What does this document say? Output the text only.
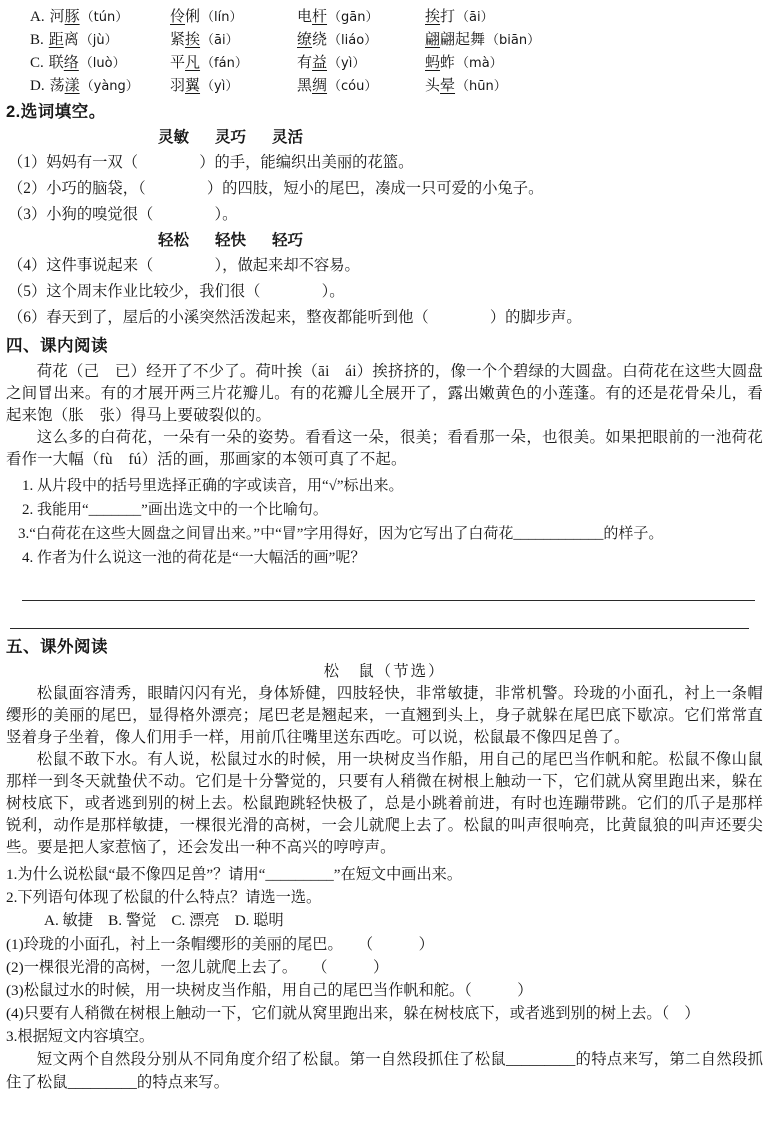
A. 河豚（tún）	伶俐（lín）	电杆（gān）	挨打（āi）
B. 距离（jù）	紧挨（āi）	缭绕（liáo）	翩翩起舞（biān）
C. 联络（luò）	平凡（fán）	有益（yì）	蚂蚱（mà）
D. 荡漾（yàng）	羽翼（yì）	黑绸（cóu）	头晕（hūn）
2.选词填空。
灵敏 灵巧 灵活
（1）妈妈有一双（　　　　）的手，能编织出美丽的花篮。
（2）小巧的脑袋，（　　　　）的四肢，短小的尾巴，凑成一只可爱的小兔子。
（3）小狗的嗅觉很（　　　　）。
轻松 轻快 轻巧
（4）这件事说起来（　　　　），做起来却不容易。
（5）这个周末作业比较少，我们很（　　　　）。
（6）春天到了，屋后的小溪突然活泼起来，整夜都能听到他（　　　　）的脚步声。
四、课内阅读
荷花（己　已）经开了不少了。荷叶挨（āi　ái）挨挤挤的，像一个个碧绿的大圆盘。白荷花在这些大圆盘之间冒出来。有的才展开两三片花瓣儿。有的花瓣儿全展开了，露出嫩黄色的小莲蓬。有的还是花骨朵儿，看起来饱（胀　张）得马上要破裂似的。
这么多的白荷花，一朵有一朵的姿势。看看这一朵，很美；看看那一朵，也很美。如果把眼前的一池荷花看作一大幅（fù　fú）活的画，那画家的本领可真了不起。
1. 从片段中的括号里选择正确的字或读音，用“√”标出来。
2. 我能用“_______”画出选文中的一个比喻句。
3.“白荷花在这些大圆盘之间冒出来。”中“冒”字用得好，因为它写出了白荷花____________的样子。
4. 作者为什么说这一池的荷花是“一大幅活的画”呢？
五、课外阅读
松　鼠（节选）
松鼠面容清秀，眼睛闪闪有光，身体矫健，四肢轻快，非常敏捷，非常机警。玲珑的小面孔，衬上一条帽缨形的美丽的尾巴，显得格外漂亮；尾巴老是翘起来，一直翘到头上，身子就躲在尾巴底下歇凉。它们常常直竖着身子坐着，像人们用手一样，用前爪往嘴里送东西吃。可以说，松鼠最不像四足兽了。
松鼠不敢下水。有人说，松鼠过水的时候，用一块树皮当作船，用自己的尾巴当作帆和舵。松鼠不像山鼠那样一到冬天就蛰伏不动。它们是十分警觉的，只要有人稍微在树根上触动一下，它们就从窝里跑出来，躲在树枝底下，或者逃到别的树上去。松鼠跑跳轻快极了，总是小跳着前进，有时也连蹦带跳。它们的爪子是那样锐利，动作是那样敏捷，一棵很光滑的高树，一会儿就爬上去了。松鼠的叫声很响亮，比黄鼠狼的叫声还要尖些。要是把人家惹恼了，还会发出一种不高兴的哼哼声。
1.为什么说松鼠“最不像四足兽”？请用“_________”在短文中画出来。
2.下列语句体现了松鼠的什么特点？请选一选。
A. 敏捷　B. 警觉　C. 漂亮　D. 聪明
(1)玲珑的小面孔，衬上一条帽缨形的美丽的尾巴。　　（　　　）
(2)一棵很光滑的高树，一忽儿就爬上去了。　　（　　　）
(3)松鼠过水的时候，用一块树皮当作船，用自己的尾巴当作帆和舵。（　　　）
(4)只要有人稍微在树根上触动一下，它们就从窝里跑出来，躲在树枝底下，或者逃到别的树上去。（　）
3.根据短文内容填空。
短文两个自然段分别从不同角度介绍了松鼠。第一自然段抓住了松鼠_________的特点来写，第二自然段抓住了松鼠_________的特点来写。
